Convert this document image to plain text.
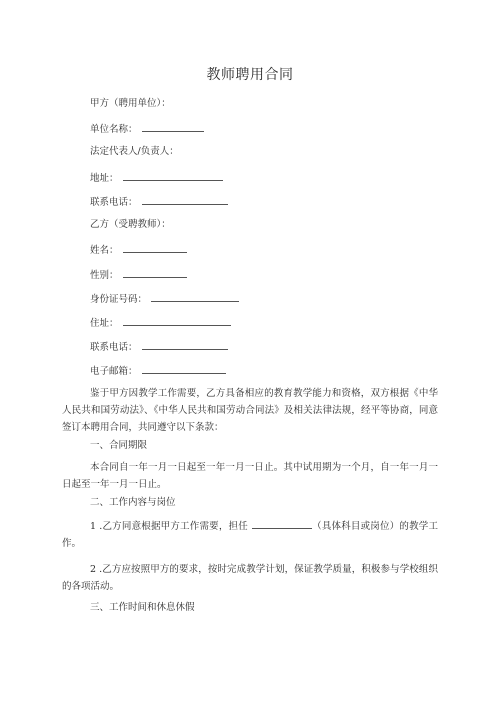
教师聘用合同
甲方（聘用单位）：
单位名称：
法定代表人/负责人：
地址：
联系电话：
乙方（受聘教师）：
姓名：
性别：
身份证号码：
住址：
联系电话：
电子邮箱：
鉴于甲方因教学工作需要，乙方具备相应的教育教学能力和资格，双方根据《中华人民共和国劳动法》、《中华人民共和国劳动合同法》及相关法律法规，经平等协商，同意签订本聘用合同，共同遵守以下条款：
一、合同期限
本合同自一年一月一日起至一年一月一日止。其中试用期为一个月，自一年一月一日起至一年一月一日止。
二、工作内容与岗位
1 .乙方同意根据甲方工作需要，担任	（具体科目或岗位）的教学工作。
2 .乙方应按照甲方的要求，按时完成教学计划，保证教学质量，积极参与学校组织的各项活动。
三、工作时间和休息休假
